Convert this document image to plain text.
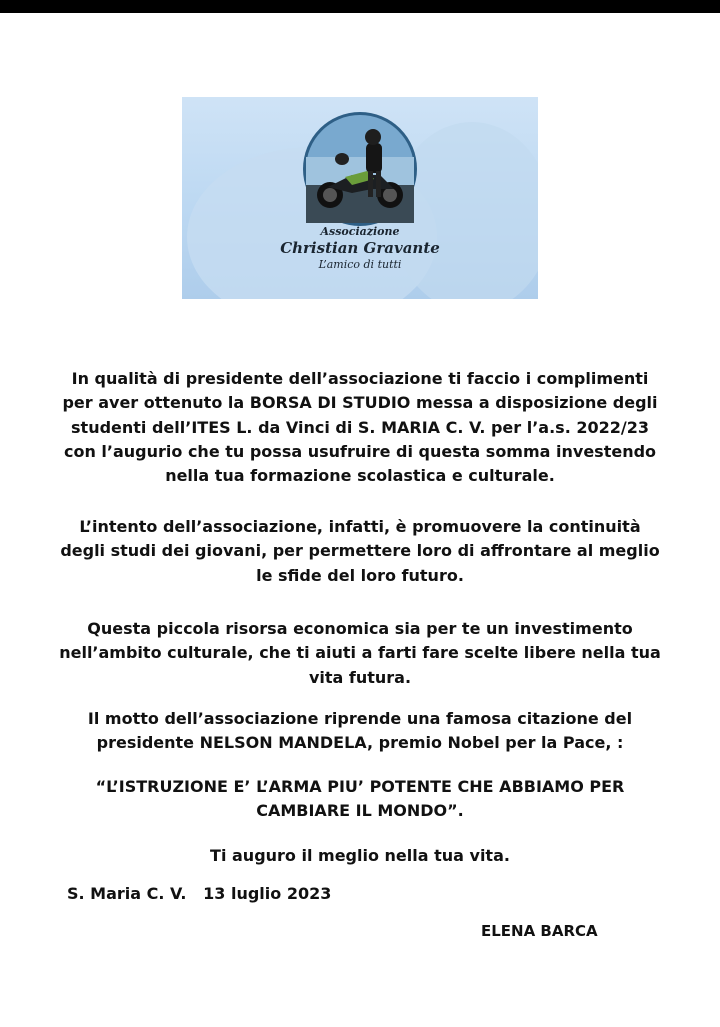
Associazione
Christian Gravante
L’amico di tutti
In qualità di presidente dell’associazione ti faccio i complimenti per aver ottenuto la BORSA DI STUDIO messa a disposizione degli studenti dell’ITES L. da Vinci di S. MARIA C. V. per l’a.s. 2022/23 con l’augurio che tu possa usufruire di questa somma investendo nella tua formazione scolastica e culturale.
L’intento dell’associazione, infatti, è promuovere la continuità degli studi dei giovani, per permettere loro di affrontare al meglio le sfide del loro futuro.
Questa piccola risorsa economica sia per te un investimento nell’ambito culturale, che ti aiuti a farti fare scelte libere nella tua vita futura.
Il motto dell’associazione riprende una famosa citazione del presidente NELSON MANDELA, premio Nobel per la Pace, :
“L’ISTRUZIONE E’ L’ARMA PIU’ POTENTE CHE ABBIAMO PER CAMBIARE IL MONDO”.
Ti auguro il meglio nella tua vita.
S. Maria C. V.   13 luglio 2023
ELENA BARCA
